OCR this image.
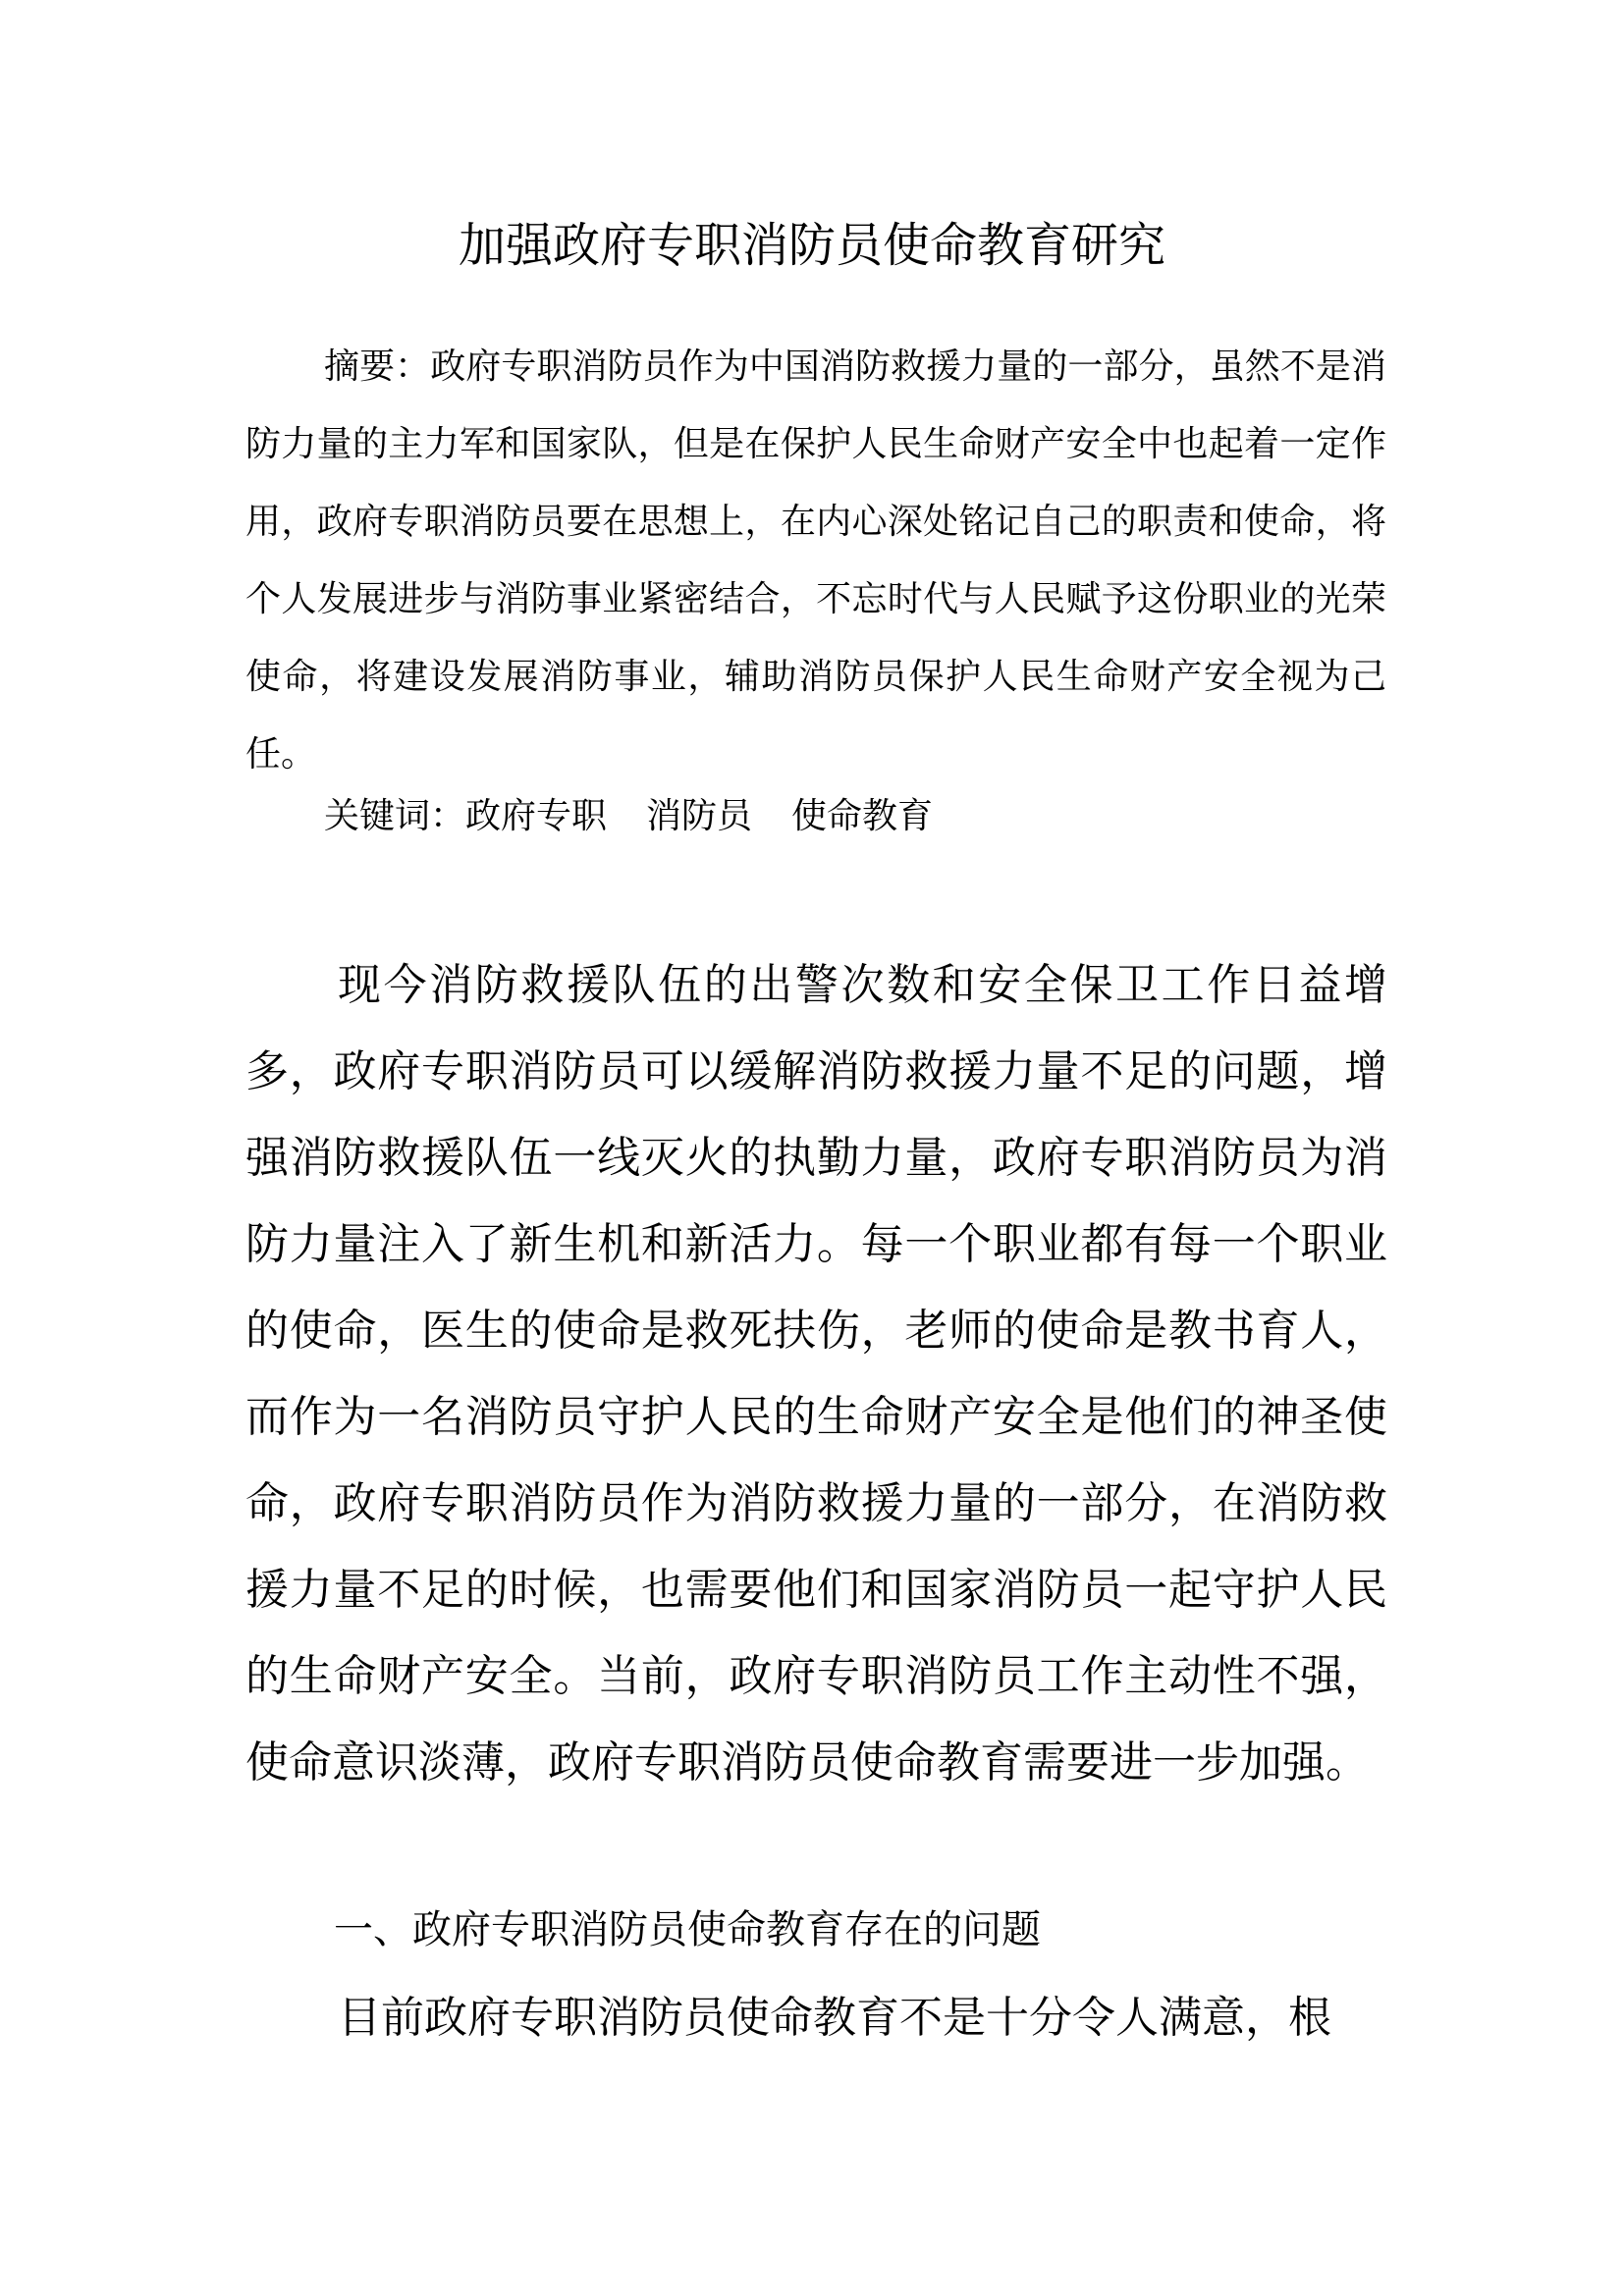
加强政府专职消防员使命教育研究

摘要：政府专职消防员作为中国消防救援力量的一部分，虽然不是消防力量的主力军和国家队，但是在保护人民生命财产安全中也起着一定作用，政府专职消防员要在思想上，在内心深处铭记自己的职责和使命，将个人发展进步与消防事业紧密结合，不忘时代与人民赋予这份职业的光荣使命，将建设发展消防事业，辅助消防员保护人民生命财产安全视为己任。

关键词：政府专职 消防员 使命教育

现今消防救援队伍的出警次数和安全保卫工作日益增多，政府专职消防员可以缓解消防救援力量不足的问题，增强消防救援队伍一线灭火的执勤力量，政府专职消防员为消防力量注入了新生机和新活力。每一个职业都有每一个职业的使命，医生的使命是救死扶伤，老师的使命是教书育人，而作为一名消防员守护人民的生命财产安全是他们的神圣使命，政府专职消防员作为消防救援力量的一部分，在消防救援力量不足的时候，也需要他们和国家消防员一起守护人民的生命财产安全。当前，政府专职消防员工作主动性不强，使命意识淡薄，政府专职消防员使命教育需要进一步加强。

一、政府专职消防员使命教育存在的问题

目前政府专职消防员使命教育不是十分令人满意，根
